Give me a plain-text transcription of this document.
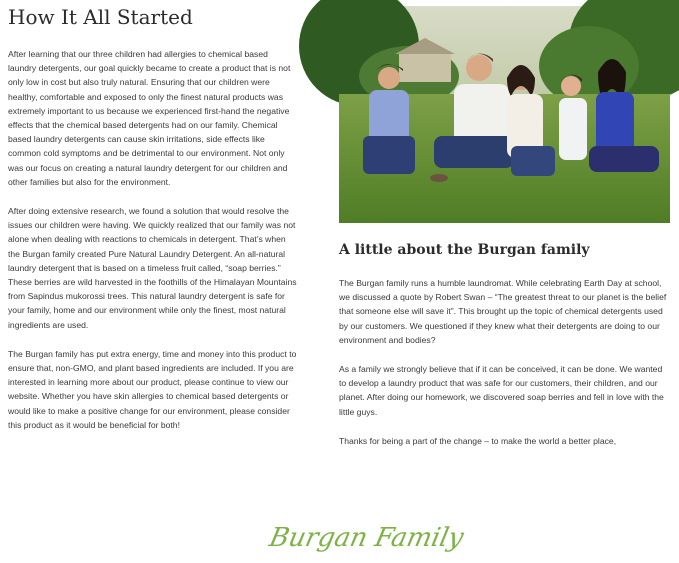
How It All Started

After learning that our three children had allergies to chemical based laundry detergents, our goal quickly became to create a product that is not only low in cost but also truly natural. Ensuring that our children were healthy, comfortable and exposed to only the finest natural products was extremely important to us because we experienced first-hand the negative effects that the chemical based detergents had on our family. Chemical based laundry detergents can cause skin irritations, side effects like common cold symptoms and be detrimental to our environment. Not only was our focus on creating a natural laundry detergent for our children and other families but also for the environment.

After doing extensive research, we found a solution that would resolve the issues our children were having. We quickly realized that our family was not alone when dealing with reactions to chemicals in detergent. That’s when the Burgan family created Pure Natural Laundry Detergent. An all-natural laundry detergent that is based on a timeless fruit called, “soap berries.” These berries are wild harvested in the foothills of the Himalayan Mountains from Sapindus mukorossi trees. This natural laundry detergent is safe for your family, home and our environment while only the finest, most natural ingredients are used.

The Burgan family has put extra energy, time and money into this product to ensure that, non-GMO, and plant based ingredients are included. If you are interested in learning more about our product, please continue to view our website. Whether you have skin allergies to chemical based detergents or would like to make a positive change for our environment, please consider this product as it would be beneficial for both!

A little about the Burgan family

The Burgan family runs a humble laundromat. While celebrating Earth Day at school, we discussed a quote by Robert Swan – “The greatest threat to our planet is the belief that someone else will save it”. This brought up the topic of chemical detergents used by our customers. We questioned if they knew what their detergents are doing to our environment and bodies?

As a family we strongly believe that if it can be conceived, it can be done. We wanted to develop a laundry product that was safe for our customers, their children, and our planet. After doing our homework, we discovered soap berries and fell in love with the little guys.

Thanks for being a part of the change – to make the world a better place,

Burgan Family
